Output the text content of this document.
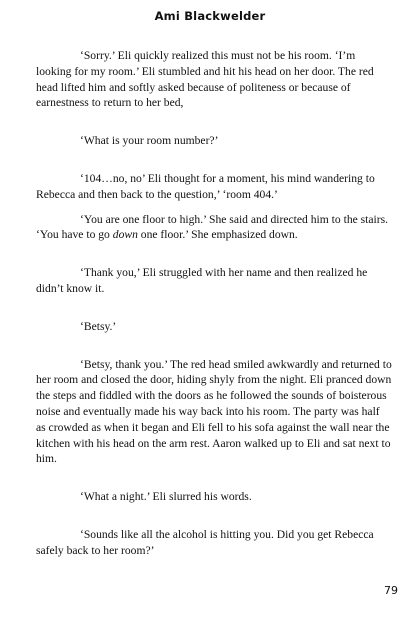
Ami Blackwelder

‘Sorry.’ Eli quickly realized this must not be his room. ‘I’m looking for my room.’ Eli stumbled and hit his head on her door. The red head lifted him and softly asked because of politeness or because of earnestness to return to her bed,

‘What is your room number?’

‘104…no, no’ Eli thought for a moment, his mind wandering to Rebecca and then back to the question,’ ‘room 404.’

‘You are one floor to high.’ She said and directed him to the stairs. ‘You have to go down one floor.’ She emphasized down.

‘Thank you,’ Eli struggled with her name and then realized he didn’t know it.

‘Betsy.’

‘Betsy, thank you.’ The red head smiled awkwardly and returned to her room and closed the door, hiding shyly from the night. Eli pranced down the steps and fiddled with the doors as he followed the sounds of boisterous noise and eventually made his way back into his room. The party was half as crowded as when it began and Eli fell to his sofa against the wall near the kitchen with his head on the arm rest. Aaron walked up to Eli and sat next to him.

‘What a night.’ Eli slurred his words.

‘Sounds like all the alcohol is hitting you. Did you get Rebecca safely back to her room?’

79
